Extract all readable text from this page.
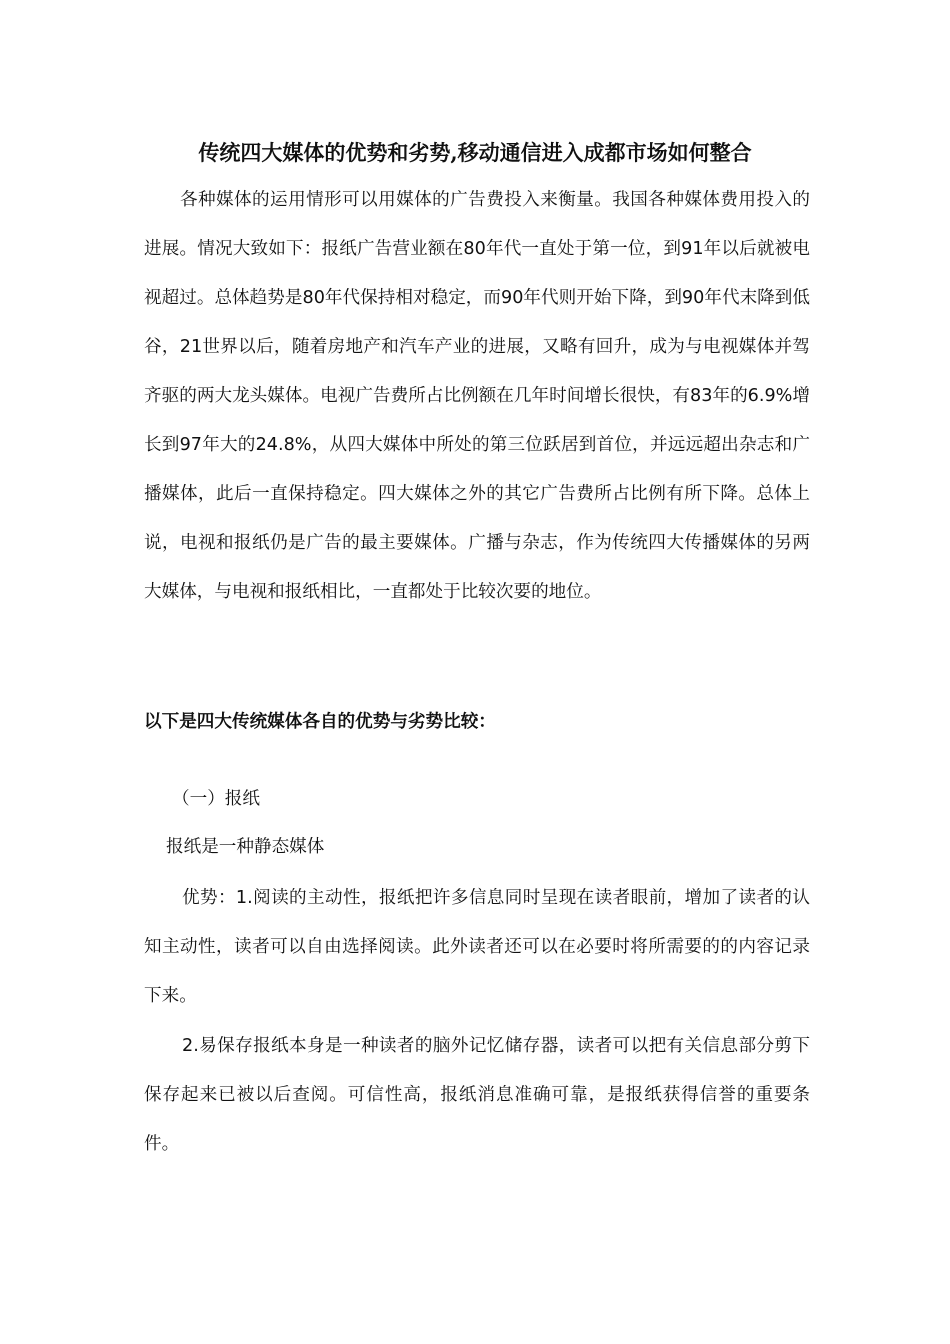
传统四大媒体的优势和劣势,移动通信进入成都市场如何整合

各种媒体的运用情形可以用媒体的广告费投入来衡量。我国各种媒体费用投入的进展。情况大致如下：报纸广告营业额在80年代一直处于第一位，到91年以后就被电视超过。总体趋势是80年代保持相对稳定，而90年代则开始下降，到90年代末降到低谷，21世界以后，随着房地产和汽车产业的进展，又略有回升，成为与电视媒体并驾齐驱的两大龙头媒体。电视广告费所占比例额在几年时间增长很快，有83年的6.9%增长到97年大的24.8%，从四大媒体中所处的第三位跃居到首位，并远远超出杂志和广播媒体，此后一直保持稳定。四大媒体之外的其它广告费所占比例有所下降。总体上说，电视和报纸仍是广告的最主要媒体。广播与杂志，作为传统四大传播媒体的另两大媒体，与电视和报纸相比，一直都处于比较次要的地位。

以下是四大传统媒体各自的优势与劣势比较：

（一）报纸

报纸是一种静态媒体

优势：1.阅读的主动性，报纸把许多信息同时呈现在读者眼前，增加了读者的认知主动性，读者可以自由选择阅读。此外读者还可以在必要时将所需要的的内容记录下来。

2.易保存报纸本身是一种读者的脑外记忆储存器，读者可以把有关信息部分剪下保存起来已被以后查阅。可信性高，报纸消息准确可靠，是报纸获得信誉的重要条件。
